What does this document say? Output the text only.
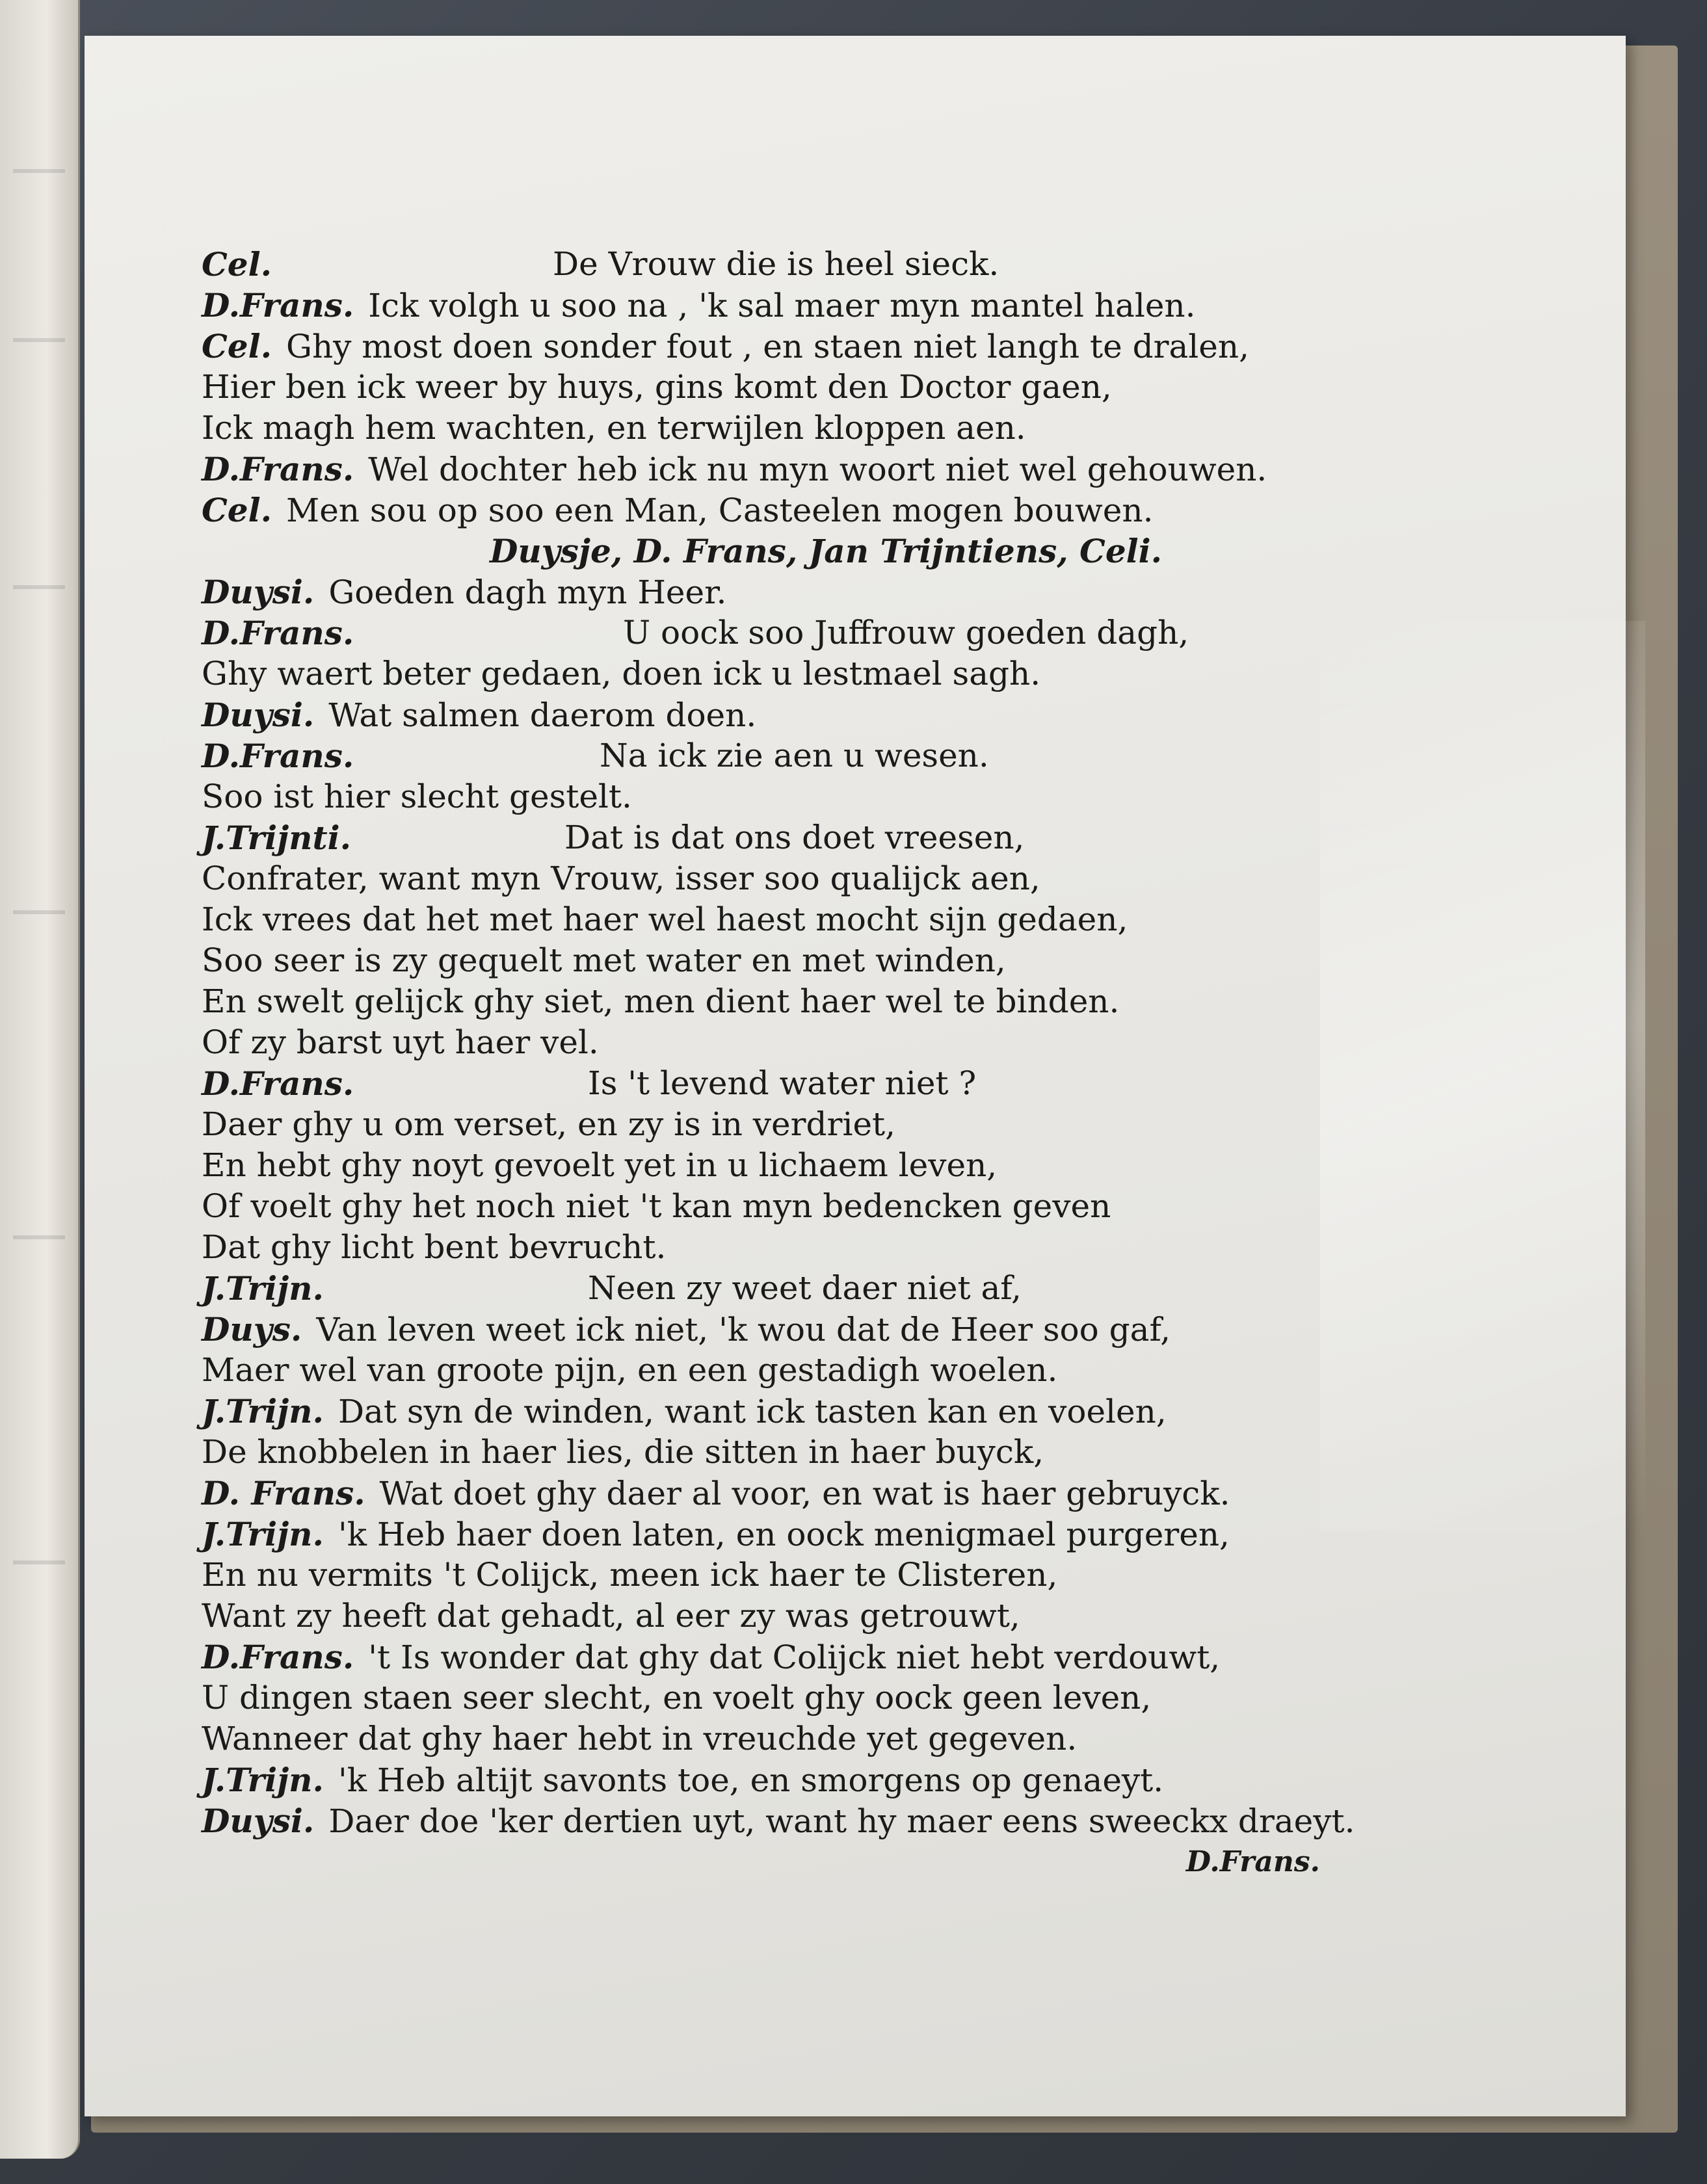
Cel.	De Vrouw die is heel sieck.
D.Frans. Ick volgh u soo na , 'k sal maer myn mantel halen.
Cel. Ghy most doen sonder fout , en staen niet langh te dralen,
Hier ben ick weer by huys, gins komt den Doctor gaen,
Ick magh hem wachten, en terwijlen kloppen aen.
D.Frans. Wel dochter heb ick nu myn woort niet wel gehouwen.
Cel. Men sou op soo een Man, Casteelen mogen bouwen.
Duysje, D. Frans, Jan Trijntiens, Celi.
Duysi. Goeden dagh myn Heer.
D.Frans.	U oock soo Juffrouw goeden dagh,
Ghy waert beter gedaen, doen ick u lestmael sagh.
Duysi. Wat salmen daerom doen.
D.Frans.	Na ick zie aen u wesen.
Soo ist hier slecht gestelt.
J.Trijnti.	Dat is dat ons doet vreesen,
Confrater, want myn Vrouw, isser soo qualijck aen,
Ick vrees dat het met haer wel haest mocht sijn gedaen,
Soo seer is zy gequelt met water en met winden,
En swelt gelijck ghy siet, men dient haer wel te binden.
Of zy barst uyt haer vel.
D.Frans.	Is 't levend water niet ?
Daer ghy u om verset, en zy is in verdriet,
En hebt ghy noyt gevoelt yet in u lichaem leven,
Of voelt ghy het noch niet 't kan myn bedencken geven
Dat ghy licht bent bevrucht.
J.Trijn.	Neen zy weet daer niet af,
Duys. Van leven weet ick niet, 'k wou dat de Heer soo gaf,
Maer wel van groote pijn, en een gestadigh woelen.
J.Trijn. Dat syn de winden, want ick tasten kan en voelen,
De knobbelen in haer lies, die sitten in haer buyck,
D. Frans. Wat doet ghy daer al voor, en wat is haer gebruyck.
J.Trijn. 'k Heb haer doen laten, en oock menigmael purgeren,
En nu vermits 't Colijck, meen ick haer te Clisteren,
Want zy heeft dat gehadt, al eer zy was getrouwt,
D.Frans. 't Is wonder dat ghy dat Colijck niet hebt verdouwt,
U dingen staen seer slecht, en voelt ghy oock geen leven,
Wanneer dat ghy haer hebt in vreuchde yet gegeven.
J.Trijn. 'k Heb altijt savonts toe, en smorgens op genaeyt.
Duysi. Daer doe 'ker dertien uyt, want hy maer eens sweeckx draeyt.
D.Frans.
